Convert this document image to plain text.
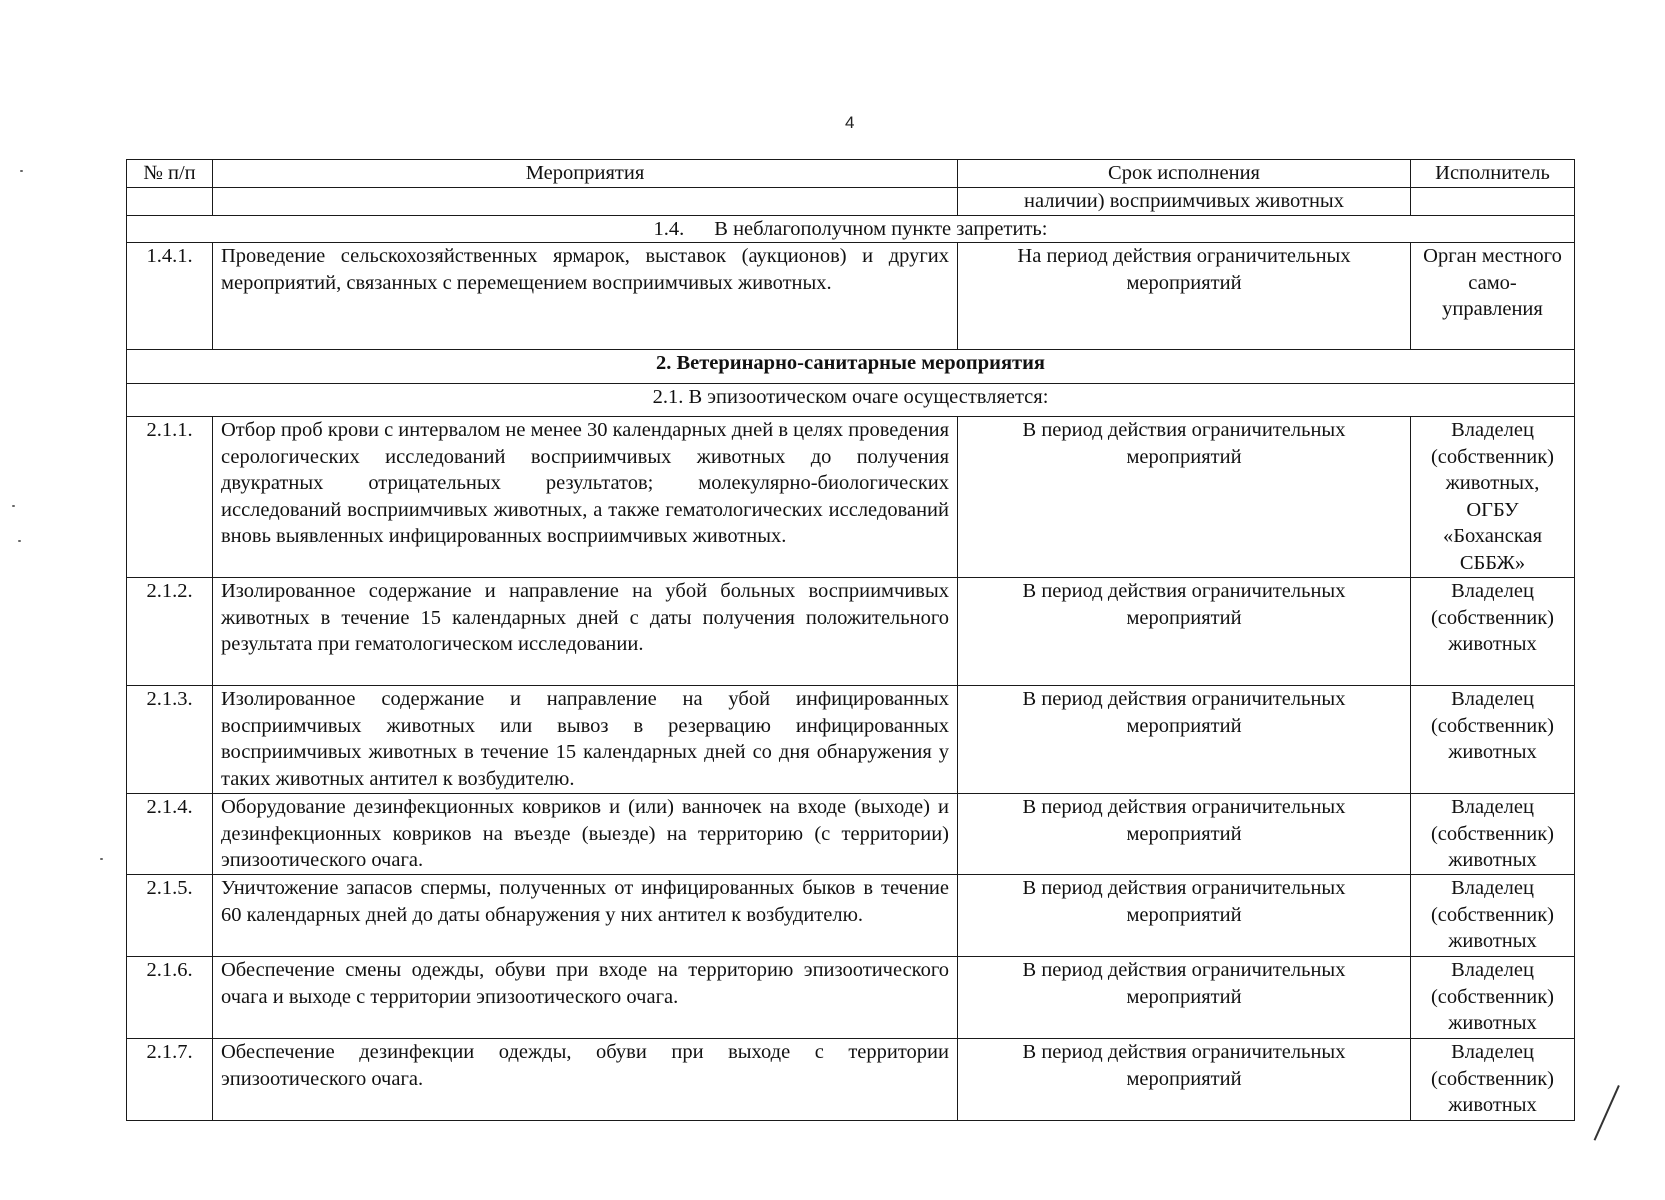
4
№ п/п	Мероприятия	Срок исполнения	Исполнитель
		наличии) восприимчивых животных	
1.4. В неблагополучном пункте запретить:			
1.4.1.	Проведение сельскохозяйственных ярмарок, выставок (аукционов) и других мероприятий, связанных с перемещением восприимчивых животных.	На период действия ограничительных мероприятий	Орган местного само-управления
2. Ветеринарно-санитарные мероприятия			
2.1. В эпизоотическом очаге осуществляется:			
2.1.1.	Отбор проб крови с интервалом не менее 30 календарных дней в целях проведения серологических исследований восприимчивых животных до получения двукратных отрицательных результатов; молекулярно-биологических исследований восприимчивых животных, а также гематологических исследований вновь выявленных инфицированных восприимчивых животных.	В период действия ограничительных мероприятий	Владелец (собственник) животных, ОГБУ «Боханская СББЖ»
2.1.2.	Изолированное содержание и направление на убой больных восприимчивых животных в течение 15 календарных дней с даты получения положительного результата при гематологическом исследовании.	В период действия ограничительных мероприятий	Владелец (собственник) животных
2.1.3.	Изолированное содержание и направление на убой инфицированных восприимчивых животных или вывоз в резервацию инфицированных восприимчивых животных в течение 15 календарных дней со дня обнаружения у таких животных антител к возбудителю.	В период действия ограничительных мероприятий	Владелец (собственник) животных
2.1.4.	Оборудование дезинфекционных ковриков и (или) ванночек на входе (выходе) и дезинфекционных ковриков на въезде (выезде) на территорию (с территории) эпизоотического очага.	В период действия ограничительных мероприятий	Владелец (собственник) животных
2.1.5.	Уничтожение запасов спермы, полученных от инфицированных быков в течение 60 календарных дней до даты обнаружения у них антител к возбудителю.	В период действия ограничительных мероприятий	Владелец (собственник) животных
2.1.6.	Обеспечение смены одежды, обуви при входе на территорию эпизоотического очага и выходе с территории эпизоотического очага.	В период действия ограничительных мероприятий	Владелец (собственник) животных
2.1.7.	Обеспечение дезинфекции одежды, обуви при выходе с территории эпизоотического очага.	В период действия ограничительных мероприятий	Владелец (собственник) животных
